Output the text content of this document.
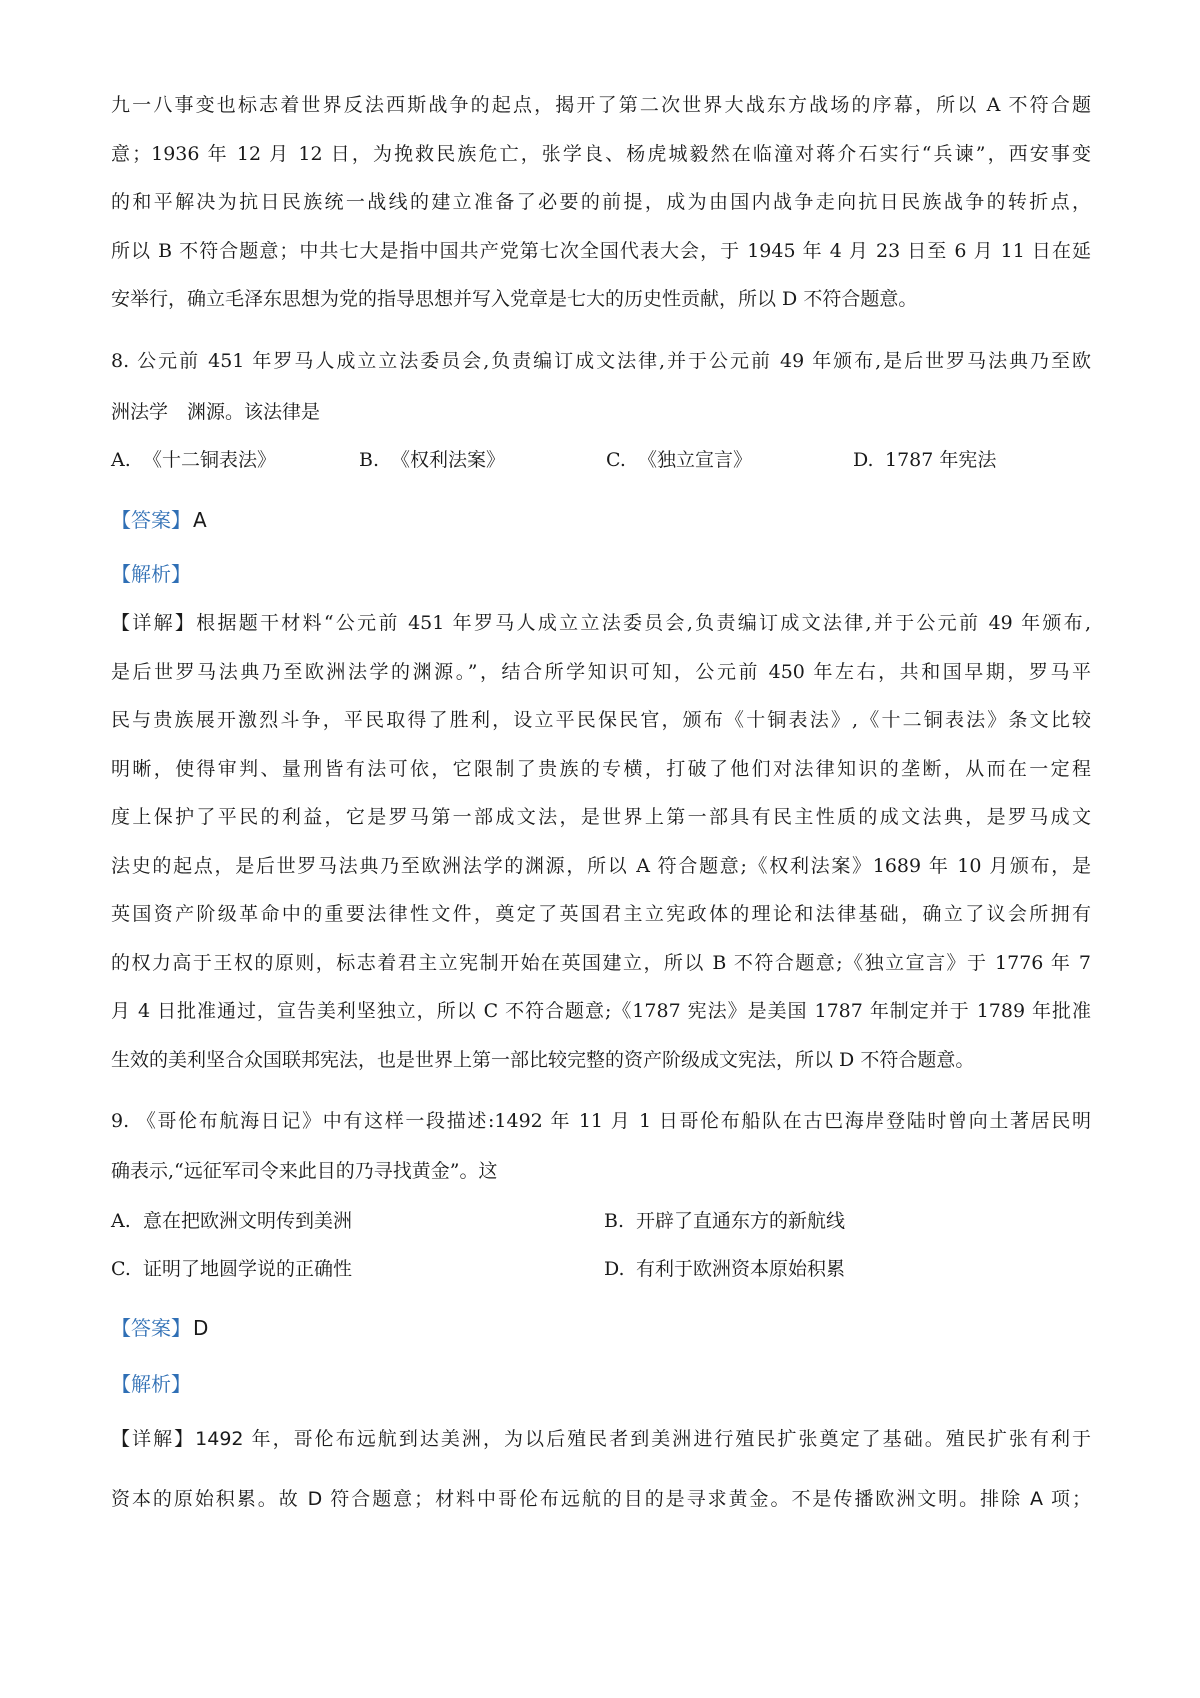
九一八事变也标志着世界反法西斯战争的起点，揭开了第二次世界大战东方战场的序幕，所以 A 不符合题
意；1936 年 12 月 12 日，为挽救民族危亡，张学良、杨虎城毅然在临潼对蒋介石实行“兵谏”，西安事变
的和平解决为抗日民族统一战线的建立准备了必要的前提，成为由国内战争走向抗日民族战争的转折点，
所以 B 不符合题意；中共七大是指中国共产党第七次全国代表大会，于 1945 年 4 月 23 日至 6 月 11 日在延
安举行，确立毛泽东思想为党的指导思想并写入党章是七大的历史性贡献，所以 D 不符合题意。
8. 公元前 451 年罗马人成立立法委员会,负责编订成文法律,并于公元前 49 年颁布,是后世罗马法典乃至欧
洲法学　渊源。该法律是
A. 《十二铜表法》	B. 《权利法案》	C. 《独立宣言》	D. 1787 年宪法
【答案】 A
【解析】
【详解】根据题干材料“公元前 451 年罗马人成立立法委员会,负责编订成文法律,并于公元前 49 年颁布,
是后世罗马法典乃至欧洲法学的渊源。”，结合所学知识可知，公元前 450 年左右，共和国早期，罗马平
民与贵族展开激烈斗争，平民取得了胜利，设立平民保民官，颁布《十铜表法》,《十二铜表法》条文比较
明晰，使得审判、量刑皆有法可依，它限制了贵族的专横，打破了他们对法律知识的垄断，从而在一定程
度上保护了平民的利益，它是罗马第一部成文法，是世界上第一部具有民主性质的成文法典，是罗马成文
法史的起点，是后世罗马法典乃至欧洲法学的渊源，所以 A 符合题意;《权利法案》1689 年 10 月颁布，是
英国资产阶级革命中的重要法律性文件，奠定了英国君主立宪政体的理论和法律基础，确立了议会所拥有
的权力高于王权的原则，标志着君主立宪制开始在英国建立，所以 B 不符合题意;《独立宣言》于 1776 年 7
月 4 日批准通过，宣告美利坚独立，所以 C 不符合题意;《1787 宪法》是美国 1787 年制定并于 1789 年批准
生效的美利坚合众国联邦宪法，也是世界上第一部比较完整的资产阶级成文宪法，所以 D 不符合题意。
9. 《哥伦布航海日记》中有这样一段描述:1492 年 11 月 1 日哥伦布船队在古巴海岸登陆时曾向土著居民明
确表示,“远征军司令来此目的乃寻找黄金”。这
A. 意在把欧洲文明传到美洲	B. 开辟了直通东方的新航线
C. 证明了地圆学说的正确性	D. 有利于欧洲资本原始积累
【答案】 D
【解析】
【详解】1492 年，哥伦布远航到达美洲，为以后殖民者到美洲进行殖民扩张奠定了基础。殖民扩张有利于
资本的原始积累。故 D 符合题意；材料中哥伦布远航的目的是寻求黄金。不是传播欧洲文明。排除 A 项；
